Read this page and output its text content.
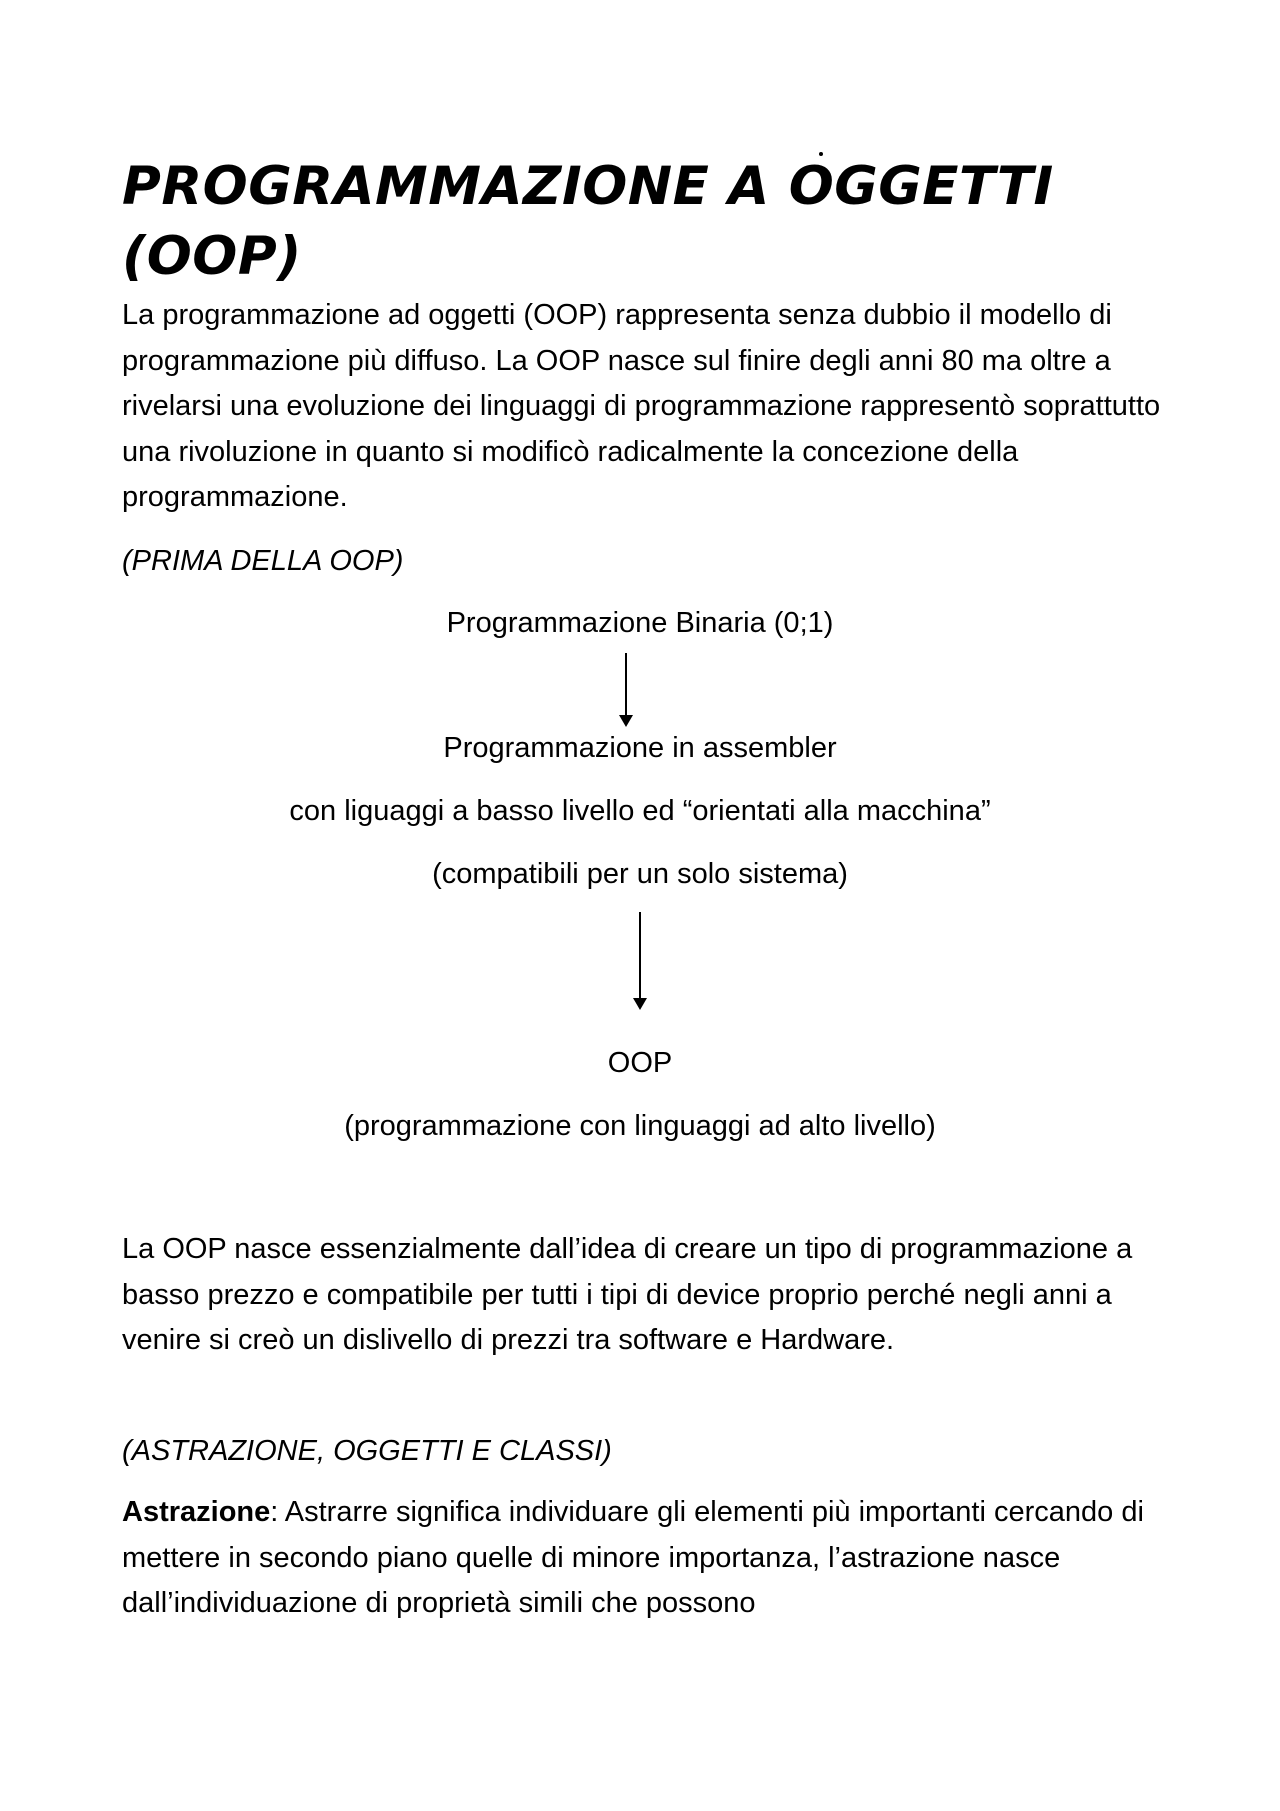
PROGRAMMAZIONE A OGGETTI (OOP)

La programmazione ad oggetti (OOP) rappresenta senza dubbio il modello di programmazione più diffuso. La OOP nasce sul finire degli anni 80 ma oltre a rivelarsi una evoluzione dei linguaggi di programmazione rappresentò soprattutto una rivoluzione in quanto si modificò radicalmente la concezione della programmazione.

(PRIMA DELLA OOP)

Programmazione Binaria (0;1)

Programmazione in assembler

con liguaggi a basso livello ed “orientati alla macchina”

(compatibili per un solo sistema)

OOP

(programmazione con linguaggi ad alto livello)

La OOP nasce essenzialmente dall’idea di creare un tipo di programmazione a basso prezzo e compatibile per tutti i tipi di device proprio perché negli anni a venire si creò un dislivello di prezzi tra software e Hardware.

(ASTRAZIONE, OGGETTI E CLASSI)

Astrazione: Astrarre significa individuare gli elementi più importanti cercando di mettere in secondo piano quelle di minore importanza, l’astrazione nasce dall’individuazione di proprietà simili che possono
